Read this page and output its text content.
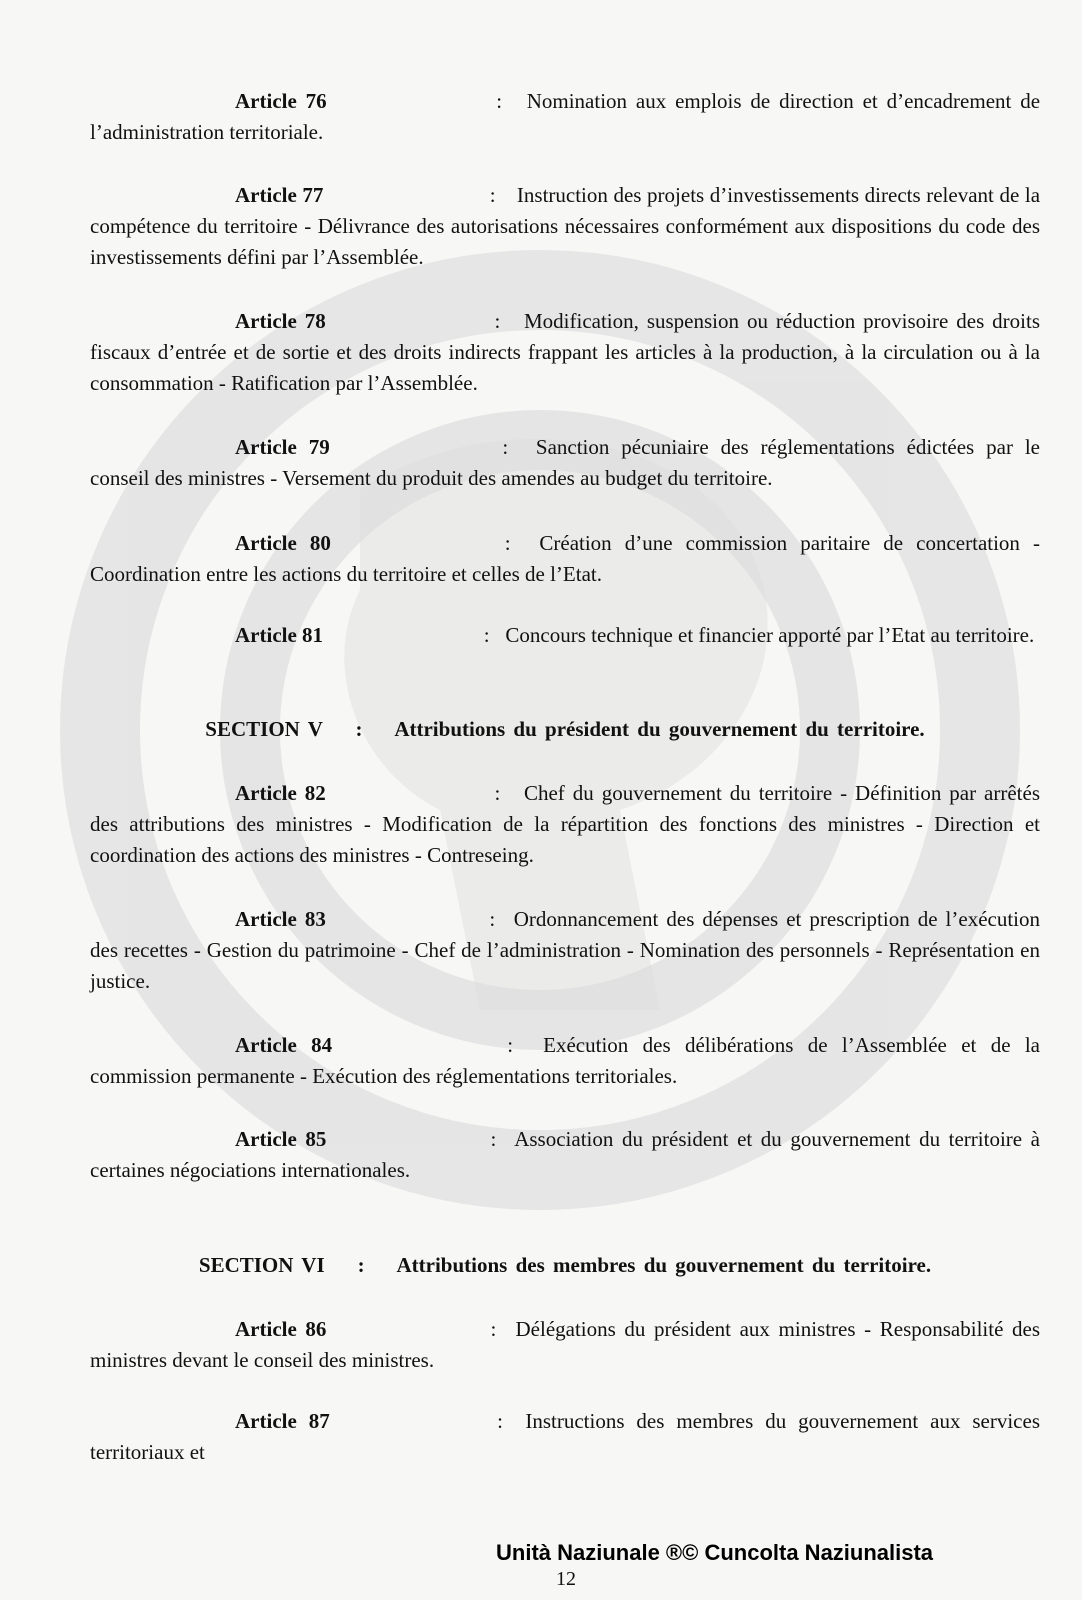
Article 76	: Nomination aux emplois de direction et d’encadrement de l’administration territoriale.
Article 77	: Instruction des projets d’investissements directs relevant de la compétence du territoire - Délivrance des autorisations nécessaires conformément aux dispositions du code des investissements défini par l’Assemblée.
Article 78	: Modification, suspension ou réduction provisoire des droits fiscaux d’entrée et de sortie et des droits indirects frappant les articles à la production, à la circulation ou à la consommation - Ratification par l’Assemblée.
Article 79	: Sanction pécuniaire des réglementations édictées par le conseil des ministres - Versement du produit des amendes au budget du territoire.
Article 80	: Création d’une commission paritaire de concertation - Coordination entre les actions du territoire et celles de l’Etat.
Article 81	: Concours technique et financier apporté par l’Etat au territoire.
SECTION V : Attributions du président du gouvernement du territoire.
Article 82	: Chef du gouvernement du territoire - Définition par arrêtés des attributions des ministres - Modification de la répartition des fonctions des ministres - Direction et coordination des actions des ministres - Contreseing.
Article 83	: Ordonnancement des dépenses et prescription de l’exécution des recettes - Gestion du patrimoine - Chef de l’administration - Nomination des personnels - Représentation en justice.
Article 84	: Exécution des délibérations de l’Assemblée et de la commission permanente - Exécution des réglementations territoriales.
Article 85	: Association du président et du gouvernement du territoire à certaines négociations internationales.
SECTION VI : Attributions des membres du gouvernement du territoire.
Article 86	: Délégations du président aux ministres - Responsabilité des ministres devant le conseil des ministres.
Article 87	: Instructions des membres du gouvernement aux services territoriaux et
Unità Naziunale ®© Cuncolta Naziunalista
12
